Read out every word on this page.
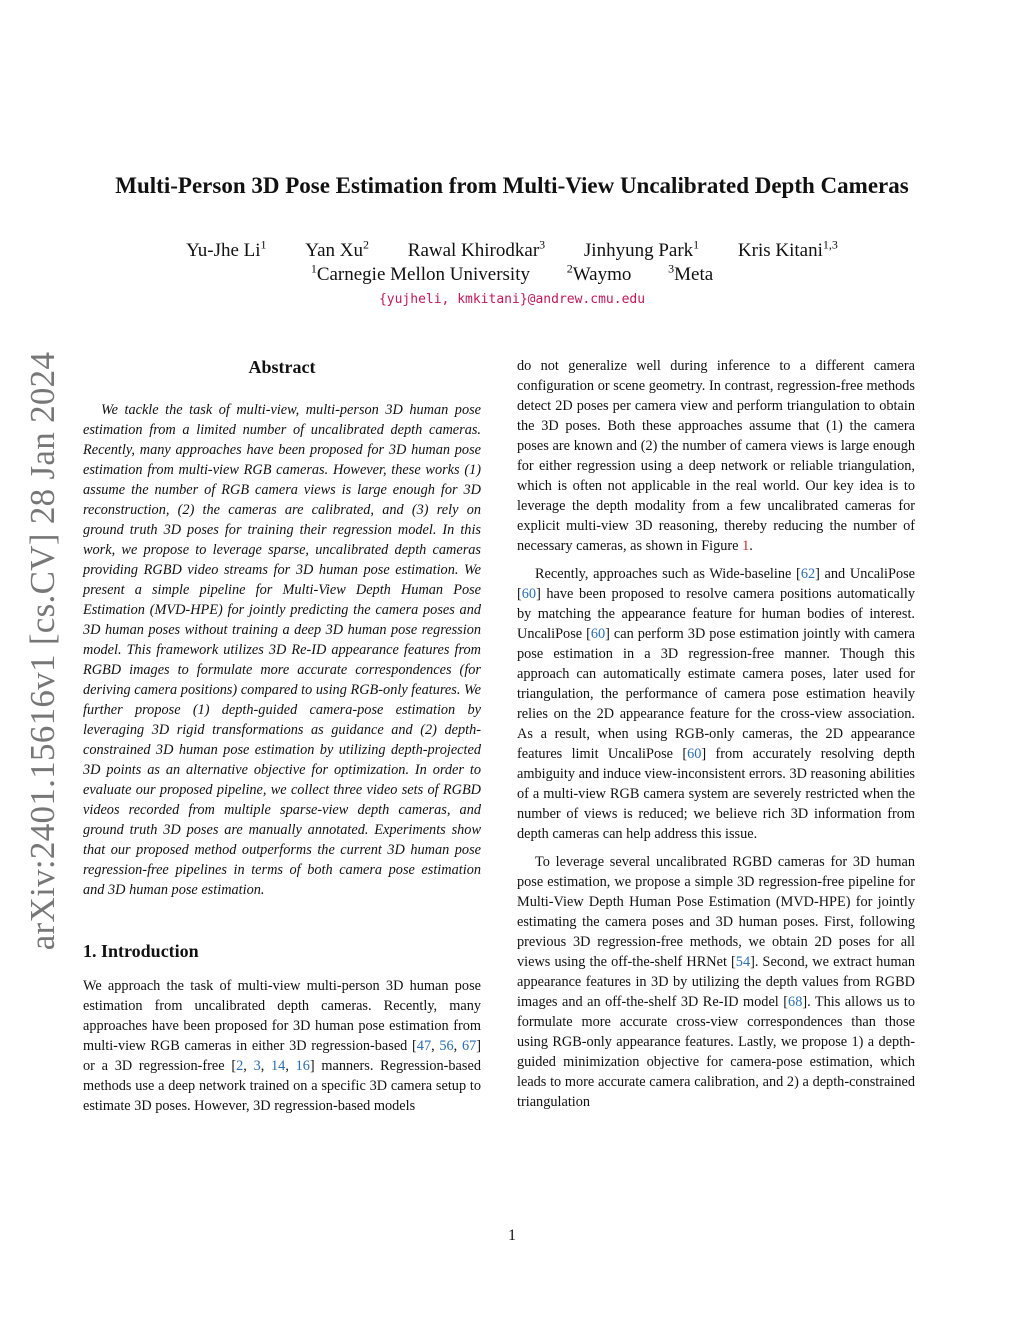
arXiv:2401.15616v1 [cs.CV] 28 Jan 2024
Multi-Person 3D Pose Estimation from Multi-View Uncalibrated Depth Cameras
Yu-Jhe Li$^1$ Yan Xu$^2$ Rawal Khirodkar$^3$ Jinhyung Park$^1$ Kris Kitani$^{1,3}$
$^1$Carnegie Mellon University	$^2$Waymo	$^3$Meta
{yujheli, kmkitani}@andrew.cmu.edu
Abstract

We tackle the task of multi-view, multi-person 3D human pose estimation from a limited number of uncalibrated depth cameras. Recently, many approaches have been proposed for 3D human pose estimation from multi-view RGB cameras. However, these works (1) assume the number of RGB camera views is large enough for 3D reconstruction, (2) the cameras are calibrated, and (3) rely on ground truth 3D poses for training their regression model. In this work, we propose to leverage sparse, uncalibrated depth cameras providing RGBD video streams for 3D human pose estimation. We present a simple pipeline for Multi-View Depth Human Pose Estimation (MVD-HPE) for jointly predicting the camera poses and 3D human poses without training a deep 3D human pose regression model. This framework utilizes 3D Re-ID appearance features from RGBD images to formulate more accurate correspondences (for deriving camera positions) compared to using RGB-only features. We further propose (1) depth-guided camera-pose estimation by leveraging 3D rigid transformations as guidance and (2) depth-constrained 3D human pose estimation by utilizing depth-projected 3D points as an alternative objective for optimization. In order to evaluate our proposed pipeline, we collect three video sets of RGBD videos recorded from multiple sparse-view depth cameras, and ground truth 3D poses are manually annotated. Experiments show that our proposed method outperforms the current 3D human pose regression-free pipelines in terms of both camera pose estimation and 3D human pose estimation.

1. Introduction

We approach the task of multi-view multi-person 3D human pose estimation from uncalibrated depth cameras. Recently, many approaches have been proposed for 3D human pose estimation from multi-view RGB cameras in either 3D regression-based [47, 56, 67] or a 3D regression-free [2, 3, 14, 16] manners. Regression-based methods use a deep network trained on a specific 3D camera setup to estimate 3D poses. However, 3D regression-based models

do not generalize well during inference to a different camera configuration or scene geometry. In contrast, regression-free methods detect 2D poses per camera view and perform triangulation to obtain the 3D poses. Both these approaches assume that (1) the camera poses are known and (2) the number of camera views is large enough for either regression using a deep network or reliable triangulation, which is often not applicable in the real world. Our key idea is to leverage the depth modality from a few uncalibrated cameras for explicit multi-view 3D reasoning, thereby reducing the number of necessary cameras, as shown in Figure 1.

Recently, approaches such as Wide-baseline [62] and UncaliPose [60] have been proposed to resolve camera positions automatically by matching the appearance feature for human bodies of interest. UncaliPose [60] can perform 3D pose estimation jointly with camera pose estimation in a 3D regression-free manner. Though this approach can automatically estimate camera poses, later used for triangulation, the performance of camera pose estimation heavily relies on the 2D appearance feature for the cross-view association. As a result, when using RGB-only cameras, the 2D appearance features limit UncaliPose [60] from accurately resolving depth ambiguity and induce view-inconsistent errors. 3D reasoning abilities of a multi-view RGB camera system are severely restricted when the number of views is reduced; we believe rich 3D information from depth cameras can help address this issue.

To leverage several uncalibrated RGBD cameras for 3D human pose estimation, we propose a simple 3D regression-free pipeline for Multi-View Depth Human Pose Estimation (MVD-HPE) for jointly estimating the camera poses and 3D human poses. First, following previous 3D regression-free methods, we obtain 2D poses for all views using the off-the-shelf HRNet [54]. Second, we extract human appearance features in 3D by utilizing the depth values from RGBD images and an off-the-shelf 3D Re-ID model [68]. This allows us to formulate more accurate cross-view correspondences than those using RGB-only appearance features. Lastly, we propose 1) a depth-guided minimization objective for camera-pose estimation, which leads to more accurate camera calibration, and 2) a depth-constrained triangulation

1
